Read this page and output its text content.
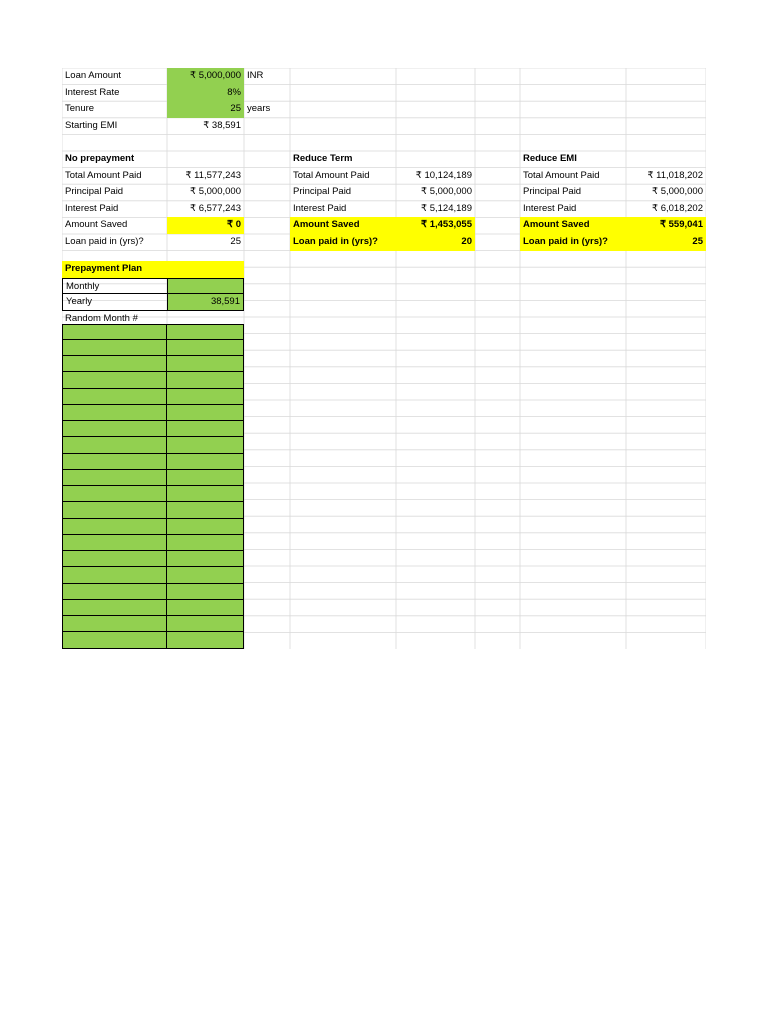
Loan Amount	₹ 5,000,000 INR
Interest Rate	8%
Tenure	25 years
Starting EMI	₹ 38,591
No prepayment
Total Amount Paid	₹ 11,577,243
Principal Paid	₹ 5,000,000
Interest Paid	₹ 6,577,243
Amount Saved	₹ 0
Loan paid in (yrs)?	25
Reduce Term
Total Amount Paid	₹ 10,124,189
Principal Paid	₹ 5,000,000
Interest Paid	₹ 5,124,189
Amount Saved	₹ 1,453,055
Loan paid in (yrs)?	20
Reduce EMI
Total Amount Paid	₹ 11,018,202
Principal Paid	₹ 5,000,000
Interest Paid	₹ 6,018,202
Amount Saved	₹ 559,041
Loan paid in (yrs)?	25
Prepayment Plan
Monthly
Yearly	38,591
Random Month #
